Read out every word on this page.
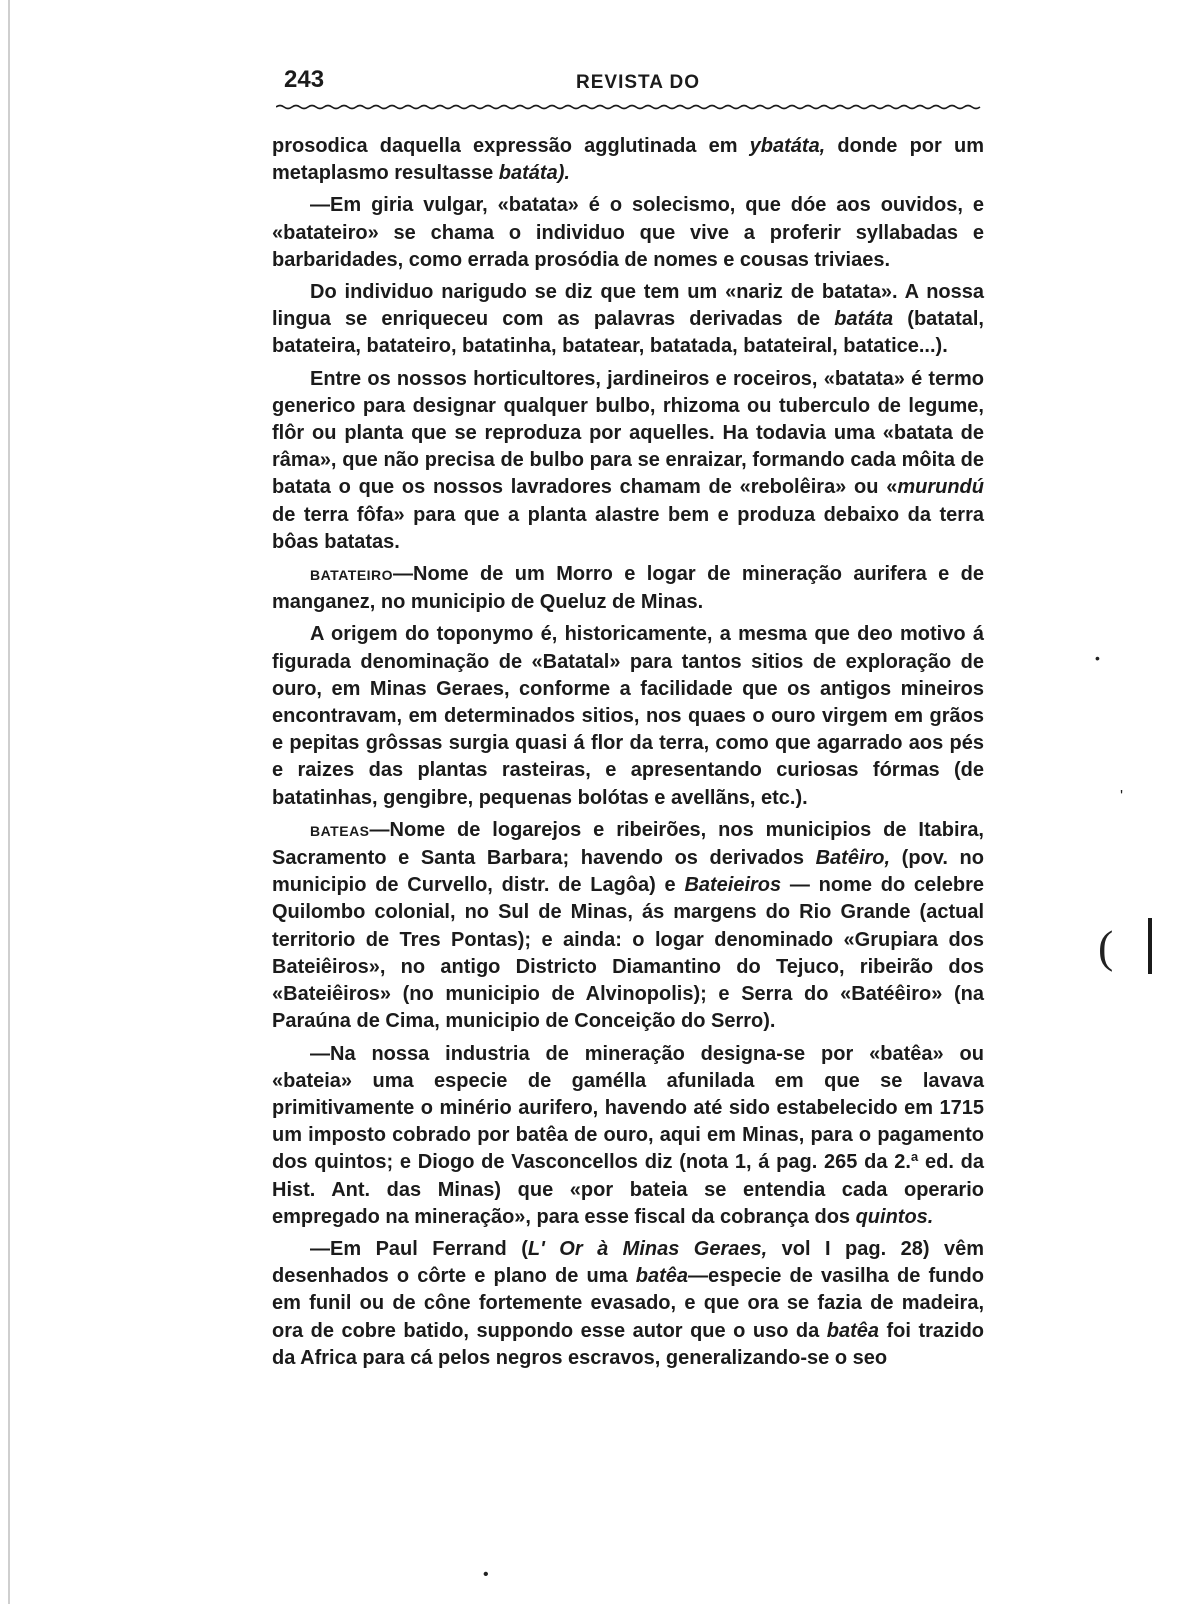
243	REVISTA DO

prosodica daquella expressão agglutinada em ybatáta, donde por um metaplasmo resultasse batáta).

—Em giria vulgar, «batata» é o solecismo, que dóe aos ouvidos, e «batateiro» se chama o individuo que vive a proferir syllabadas e barbaridades, como errada prosódia de nomes e cousas triviaes.

Do individuo narigudo se diz que tem um «nariz de batata». A nossa lingua se enriqueceu com as palavras derivadas de batáta (batatal, batateira, batateiro, batatinha, batatear, batatada, batateiral, batatice...).

Entre os nossos horticultores, jardineiros e roceiros, «batata» é termo generico para designar qualquer bulbo, rhizoma ou tuberculo de legume, flôr ou planta que se reproduza por aquelles. Ha todavia uma «batata de râma», que não precisa de bulbo para se enraizar, formando cada môita de batata o que os nossos lavradores chamam de «rebolêira» ou «murundú de terra fôfa» para que a planta alastre bem e produza debaixo da terra bôas batatas.

BATATEIRO—Nome de um Morro e logar de mineração aurifera e de manganez, no municipio de Queluz de Minas.

A origem do toponymo é, historicamente, a mesma que deo motivo á figurada denominação de «Batatal» para tantos sitios de exploração de ouro, em Minas Geraes, conforme a facilidade que os antigos mineiros encontravam, em determinados sitios, nos quaes o ouro virgem em grãos e pepitas grôssas surgia quasi á flor da terra, como que agarrado aos pés e raizes das plantas rasteiras, e apresentando curiosas fórmas (de batatinhas, gengibre, pequenas bolótas e avellãns, etc.).

BATEAS—Nome de logarejos e ribeirões, nos municipios de Itabira, Sacramento e Santa Barbara; havendo os derivados Batêiro, (pov. no municipio de Curvello, distr. de Lagôa) e Bateieiros — nome do celebre Quilombo colonial, no Sul de Minas, ás margens do Rio Grande (actual territorio de Tres Pontas); e ainda: o logar denominado «Grupiara dos Bateiêiros», no antigo Districto Diamantino do Tejuco, ribeirão dos «Bateiêiros» (no municipio de Alvinopolis); e Serra do «Batéêiro» (na Paraúna de Cima, municipio de Conceição do Serro).

—Na nossa industria de mineração designa-se por «batêa» ou «bateia» uma especie de gamélla afunilada em que se lavava primitivamente o minério aurifero, havendo até sido estabelecido em 1715 um imposto cobrado por batêa de ouro, aqui em Minas, para o pagamento dos quintos; e Diogo de Vasconcellos diz (nota 1, á pag. 265 da 2.ª ed. da Hist. Ant. das Minas) que «por bateia se entendia cada operario empregado na mineração», para esse fiscal da cobrança dos quintos.

—Em Paul Ferrand (L' Or à Minas Geraes, vol I pag. 28) vêm desenhados o côrte e plano de uma batêa—especie de vasilha de fundo em funil ou de cône fortemente evasado, e que ora se fazia de madeira, ora de cobre batido, suppondo esse autor que o uso da batêa foi trazido da Africa para cá pelos negros escravos, generalizando-se o seo

•
'
(
•
